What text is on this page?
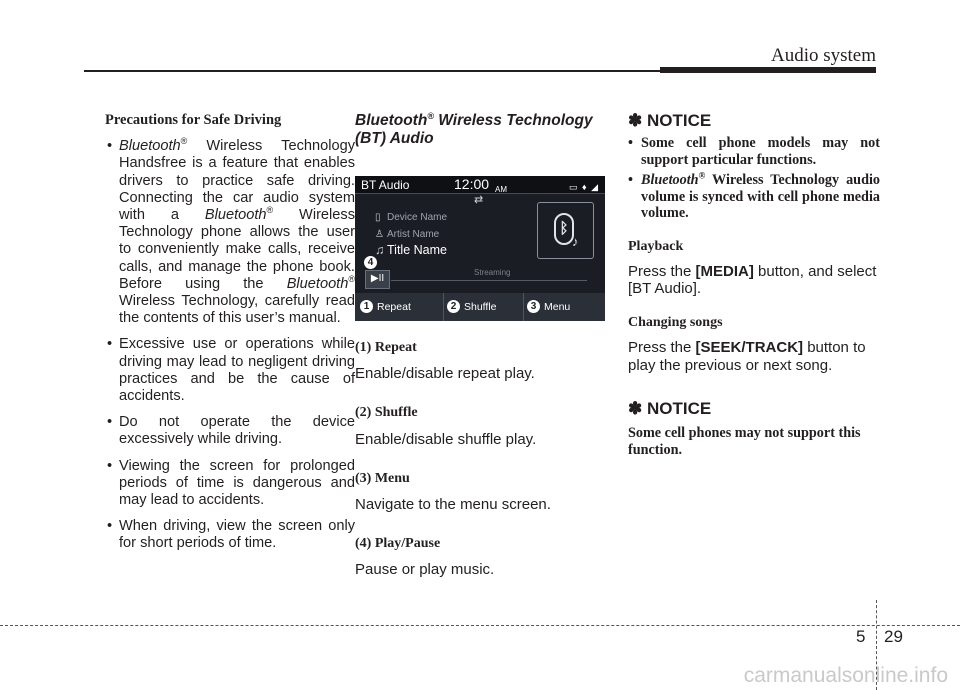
Audio system
Precautions for Safe Driving
• Bluetooth® Wireless Technology Handsfree is a feature that enables drivers to practice safe driving. Connecting the car audio system with a Bluetooth® Wireless Technology phone allows the user to conveniently make calls, receive calls, and manage the phone book. Before using the Bluetooth® Wireless Technology, carefully read the contents of this user’s manual.
• Excessive use or operations while driving may lead to negligent driving practices and be the cause of accidents.
• Do not operate the device excessively while driving.
• Viewing the screen for prolonged periods of time is dangerous and may lead to accidents.
• When driving, view the screen only for short periods of time.
Bluetooth® Wireless Technology (BT) Audio
BT Audio	12:00 AM	▭ ♦ ◢
⇄
▯ Device Name
♙ Artist Name
♫ Title Name
ᛒ
♪
4
▶II
Streaming
1 Repeat	2 Shuffle	3 Menu
(1) Repeat
Enable/disable repeat play.
(2) Shuffle
Enable/disable shuffle play.
(3) Menu
Navigate to the menu screen.
(4) Play/Pause
Pause or play music.
✽ NOTICE
• Some cell phone models may not support particular functions.
• Bluetooth® Wireless Technology audio volume is synced with cell phone media volume.
Playback
Press the [MEDIA] button, and select [BT Audio].
Changing songs
Press the [SEEK/TRACK] button to play the previous or next song.
✽ NOTICE
Some cell phones may not support this function.
5 29
carmanualsonline.info
